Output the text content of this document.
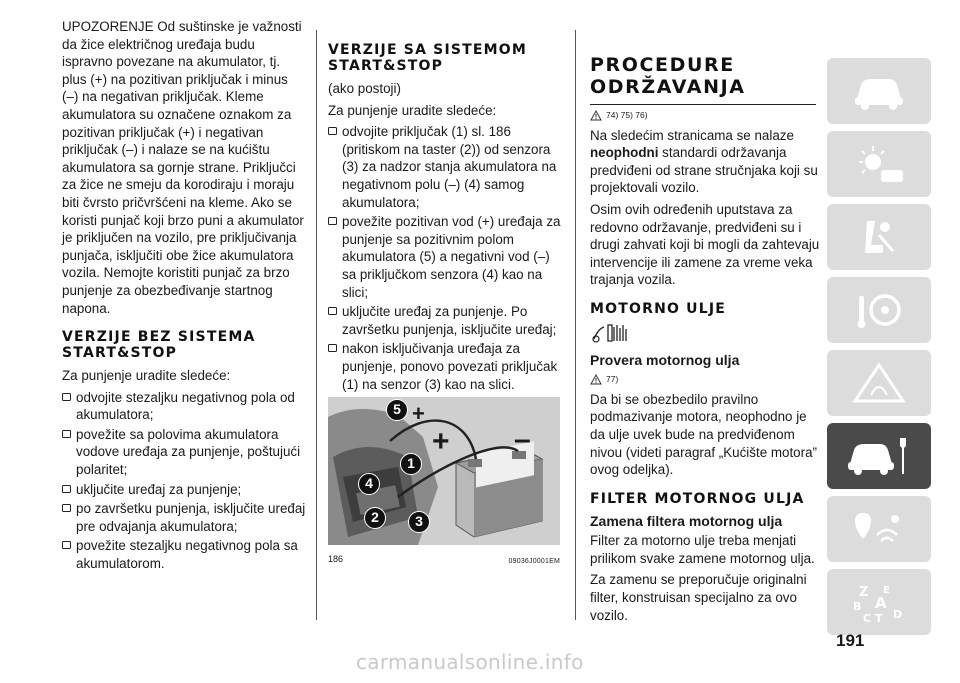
UPOZORENJE Od suštinske je važnosti da žice električnog uređaja budu ispravno povezane na akumulator, tj. plus (+) na pozitivan priključak i minus (–) na negativan priključak. Kleme akumulatora su označene oznakom za pozitivan priključak (+) i negativan priključak (–) i nalaze se na kućištu akumulatora sa gornje strane. Priključci za žice ne smeju da korodiraju i moraju biti čvrsto pričvršćeni na kleme. Ako se koristi punjač koji brzo puni a akumulator je priključen na vozilo, pre priključivanja punjača, isključiti obe žice akumulatora vozila. Nemojte koristiti punjač za brzo punjenje za obezbeđivanje startnog napona.

VERZIJE BEZ SISTEMA START&STOP

Za punjenje uradite sledeće:

odvojite stezaljku negativnog pola od akumulatora;

povežite sa polovima akumulatora vodove uređaja za punjenje, poštujući polaritet;

uključite uređaj za punjenje;

po završetku punjenja, isključite uređaj pre odvajanja akumulatora;

povežite stezaljku negativnog pola sa akumulatorom.

VERZIJE SA SISTEMOM START&STOP

(ako postoji)

Za punjenje uradite sledeće:

odvojite priključak (1) sl. 186 (pritiskom na taster (2)) od senzora (3) za nadzor stanja akumulatora na negativnom polu (–) (4) samog akumulatora;

povežite pozitivan vod (+) uređaja za punjenje sa pozitivnim polom akumulatora (5) a negativni vod (–) sa priključkom senzora (4) kao na slici;

uključite uređaj za punjenje. Po završetku punjenja, isključite uređaj;

nakon isključivanja uređaja za punjenje, ponovo povezati priključak (1) na senzor (3) kao na slici.

+
+ –
5
1
4
2	3
186	09036J0001EM
PROCEDURE ODRŽAVANJA
74) 75) 76)

Na sledećim stranicama se nalaze neophodni standardi održavanja predviđeni od strane stručnjaka koji su projektovali vozilo.

Osim ovih određenih uputstava za redovno održavanje, predviđeni su i drugi zahvati koji bi mogli da zahtevaju intervencije ili zamene za vreme veka trajanja vozila.

MOTORNO ULJE
Provera motornog ulja
77)

Da bi se obezbedilo pravilno podmazivanje motora, neophodno je da ulje uvek bude na predviđenom nivou (videti paragraf „Kućište motora” ovog odeljka).

FILTER MOTORNOG ULJA
Zamena filtera motornog ulja

Filter za motorno ulje treba menjati prilikom svake zamene motornog ulja.

Za zamenu se preporučuje originalni filter, konstruisan specijalno za ovo vozilo.

Z E
B A
C T D
191
carmanualsonline.info
